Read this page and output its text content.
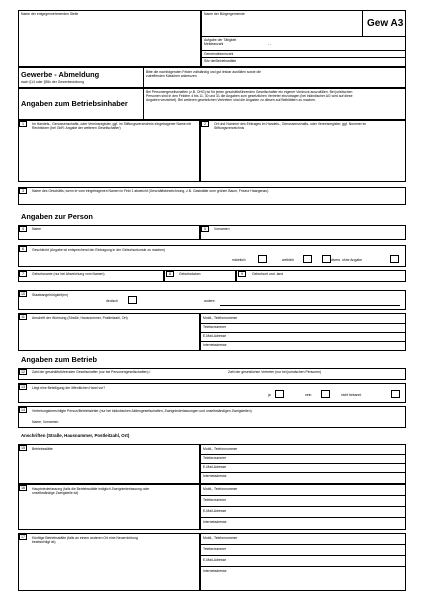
Name der entgegennehmenden Stelle	Name der Bürgergemeinde
Gew A3
Aufgabe der Tätigkeit
Meldeanzahl	- -
Gemeindekennzahl
Sitz derBetriebsstätte
Gewerbe - Abmeldung
nach §14 oder §55c der Gewerbeordnung
Bitte die nachfolgenden Felder vollständig und gut lesbar ausfüllen sowie die zutreffenden Kästchen ankreuzen
Angaben zum Betriebsinhaber
Bei Personengesellschaften (z.B. OHG) ist für jeden geschäftsführenden Gesellschafter ein eigener Vordruck auszufüllen. Bei juristischen Personen sind in den Feldern 4 bis 11, 30 und 31 die Angaben zum gesetzlichen Vertreter einzutragen (bei inländischer AG wird auf diese Angaben verzichtet). Bei weiteren gesetzlichen Vertretern sind die Angaben zu diesen auf Beiblättern zu machen.
1	Im Handels-, Genossenschafts- oder Vereinsregister, ggf. im Stiftungsverzeichnis eingetragener Name mit Rechtsform (bei GbR: Angabe der weiteren Gesellschafter)
2	Ort und Nummer des Eintrages im Handels-, Genossenschafts- oder Vereinsregister, ggf. Nummer im Stiftungsverzeichnis
3	Name des Geschäfts, wenn er vom eingetragenen Namen in Feld 1 abweicht (Geschäftsbezeichnung, z.B. Gaststätte zum grünen Baum, Friseur Haargenau)
Angaben zur Person
4	Name	5	Vornamen
6	Geschlecht (Angabe ist entsprechend der Eintragung in der Geburtsurkunde zu machen)
männlich	weiblich	divers ohne Angabe
7	Geburtsname (nur bei Abweichung vom Namen)	8	Geburtsdatum	9	Geburtsort und -land
10	Staatsangehörigkeit(en)
deutsch	andere:
11	Anschrift der Wohnung (Straße, Hausnummer, Postleitzahl, Ort)	Mobil-, Telefonnummer
Telefaxnummer
E-Mail-Adresse
Internetadresse
Angaben zum Betrieb
12	Zahl der geschäftsführenden Gesellschafter (nur bei Personengesellschaften) /	Zahl der gesetzlichen Vertreter (nur bei juristischen Personen)
13	Liegt eine Beteiligung der öffentlichen Hand vor?
ja	nein	nicht bekannt
14	Vertretungsberechtigte Person/Betriebsleiter (nur bei inländischen Aktiengesellschaften, Zweigniederlassungen und unselbständigen Zweigstellen)
Name, Vornamen
Anschriften (Straße, Hausnummer, Postleitzahl, Ort)
15	Betriebsstätte	Mobil-, Telefonnummer
Telefaxnummer
E-Mail-Adresse
Internetadresse
16	Hauptniederlassung (falls die Betriebsstätte lediglich Zweigniederlassung oder unselbständige Zweigstelle ist)
Mobil-, Telefonnummer
Telefaxnummer
E-Mail-Adresse
Internetadresse
17	Künftige Betriebsstätte (falls an einem anderen Ort eine Neuerrichtung beabsichtigt ist)
Mobil-, Telefonnummer
Telefaxnummer
E-Mail-Adresse
Internetadresse
